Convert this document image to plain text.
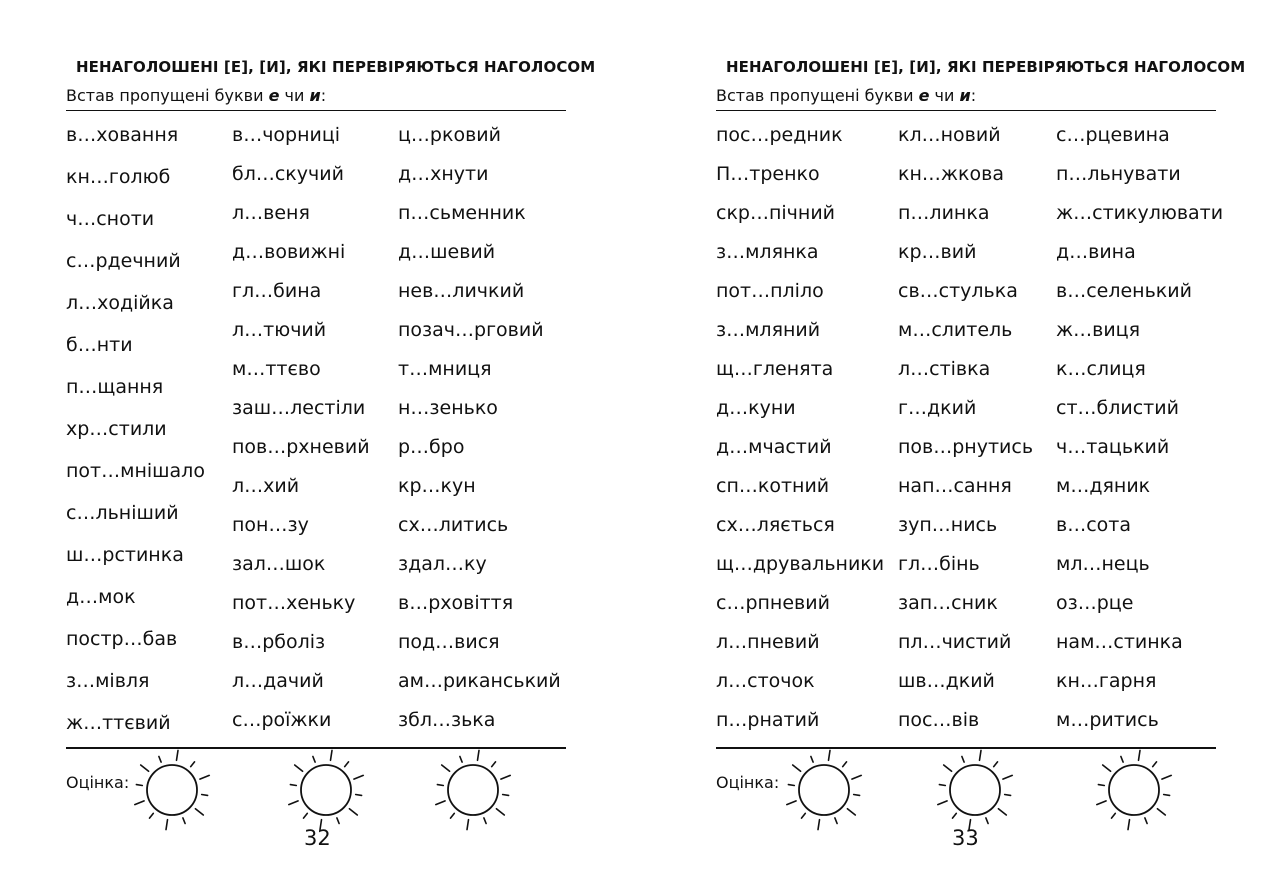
НЕНАГОЛОШЕНІ [Е], [И], ЯКІ ПЕРЕВІРЯЮТЬСЯ НАГОЛОСОМ
Встав пропущені букви е чи и:
в…ховання
кн…голюб
ч…сноти
с…рдечний
л…ходійка
б…нти
п…щання
хр…стили
пот…мнішало
с…льніший
ш…рстинка
д…мок
постр…бав
з…мівля
ж…ттєвий
в…чорниці
бл…скучий
л…веня
д…вовижні
гл…бина
л…тючий
м…ттєво
заш…лестіли
пов…рхневий
л…хий
пон…зу
зал…шок
пот…хеньку
в…рболіз
л…дачий
с…роїжки
ц…рковий
д…хнути
п…сьменник
д…шевий
нев…личкий
позач…рговий
т…мниця
н…зенько
р…бро
кр…кун
сх…литись
здал…ку
в…рховіття
под…вися
ам…риканський
збл…зька
Оцінка:
32
НЕНАГОЛОШЕНІ [Е], [И], ЯКІ ПЕРЕВІРЯЮТЬСЯ НАГОЛОСОМ
Встав пропущені букви е чи и:
пос…редник
П…тренко
скр…пічний
з…млянка
пот…пліло
з…мляний
щ…гленята
д…куни
д…мчастий
сп…котний
сх…ляється
щ…друвальники
с…рпневий
л…пневий
л…сточок
п…рнатий
кл…новий
кн…жкова
п…линка
кр…вий
св…стулька
м…слитель
л…стівка
г…дкий
пов…рнутись
нап…сання
зуп…нись
гл…бінь
зап…сник
пл…чистий
шв…дкий
пос…вів
с…рцевина
п…льнувати
ж…стикулювати
д…вина
в…селенький
ж…виця
к…слиця
ст…блистий
ч…тацький
м…дяник
в…сота
мл…нець
оз…рце
нам…стинка
кн…гарня
м…ритись
Оцінка:
33
